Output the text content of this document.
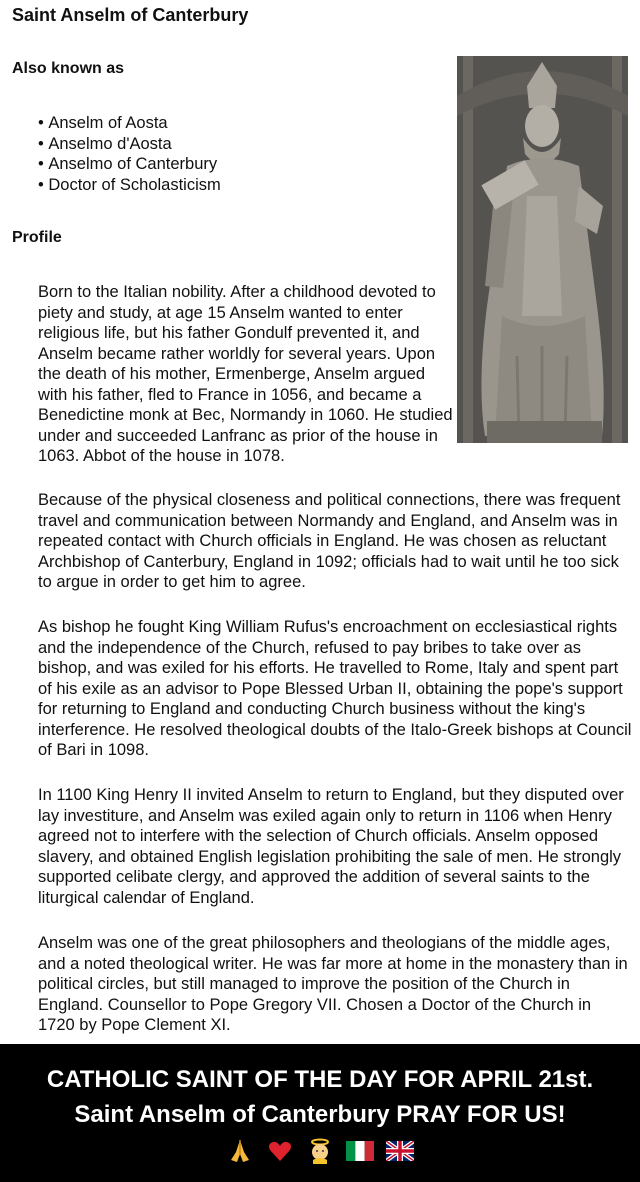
Saint Anselm of Canterbury
Also known as
• Anselm of Aosta
• Anselmo d'Aosta
• Anselmo of Canterbury
• Doctor of Scholasticism
Profile

Born to the Italian nobility. After a childhood devoted to piety and study, at age 15 Anselm wanted to enter religious life, but his father Gondulf prevented it, and Anselm became rather worldly for several years. Upon the death of his mother, Ermenberge, Anselm argued with his father, fled to France in 1056, and became a Benedictine monk at Bec, Normandy in 1060. He studied under and succeeded Lanfranc as prior of the house in 1063. Abbot of the house in 1078.

Because of the physical closeness and political connections, there was frequent travel and communication between Normandy and England, and Anselm was in repeated contact with Church officials in England. He was chosen as reluctant Archbishop of Canterbury, England in 1092; officials had to wait until he too sick to argue in order to get him to agree.

As bishop he fought King William Rufus's encroachment on ecclesiastical rights and the independence of the Church, refused to pay bribes to take over as bishop, and was exiled for his efforts. He travelled to Rome, Italy and spent part of his exile as an advisor to Pope Blessed Urban II, obtaining the pope's support for returning to England and conducting Church business without the king's interference. He resolved theological doubts of the Italo-Greek bishops at Council of Bari in 1098.

In 1100 King Henry II invited Anselm to return to England, but they disputed over lay investiture, and Anselm was exiled again only to return in 1106 when Henry agreed not to interfere with the selection of Church officials. Anselm opposed slavery, and obtained English legislation prohibiting the sale of men. He strongly supported celibate clergy, and approved the addition of several saints to the liturgical calendar of England.

Anselm was one of the great philosophers and theologians of the middle ages, and a noted theological writer. He was far more at home in the monastery than in political circles, but still managed to improve the position of the Church in England. Counsellor to Pope Gregory VII. Chosen a Doctor of the Church in 1720 by Pope Clement XI.

CATHOLIC SAINT OF THE DAY FOR APRIL 21st.
Saint Anselm of Canterbury PRAY FOR US!
